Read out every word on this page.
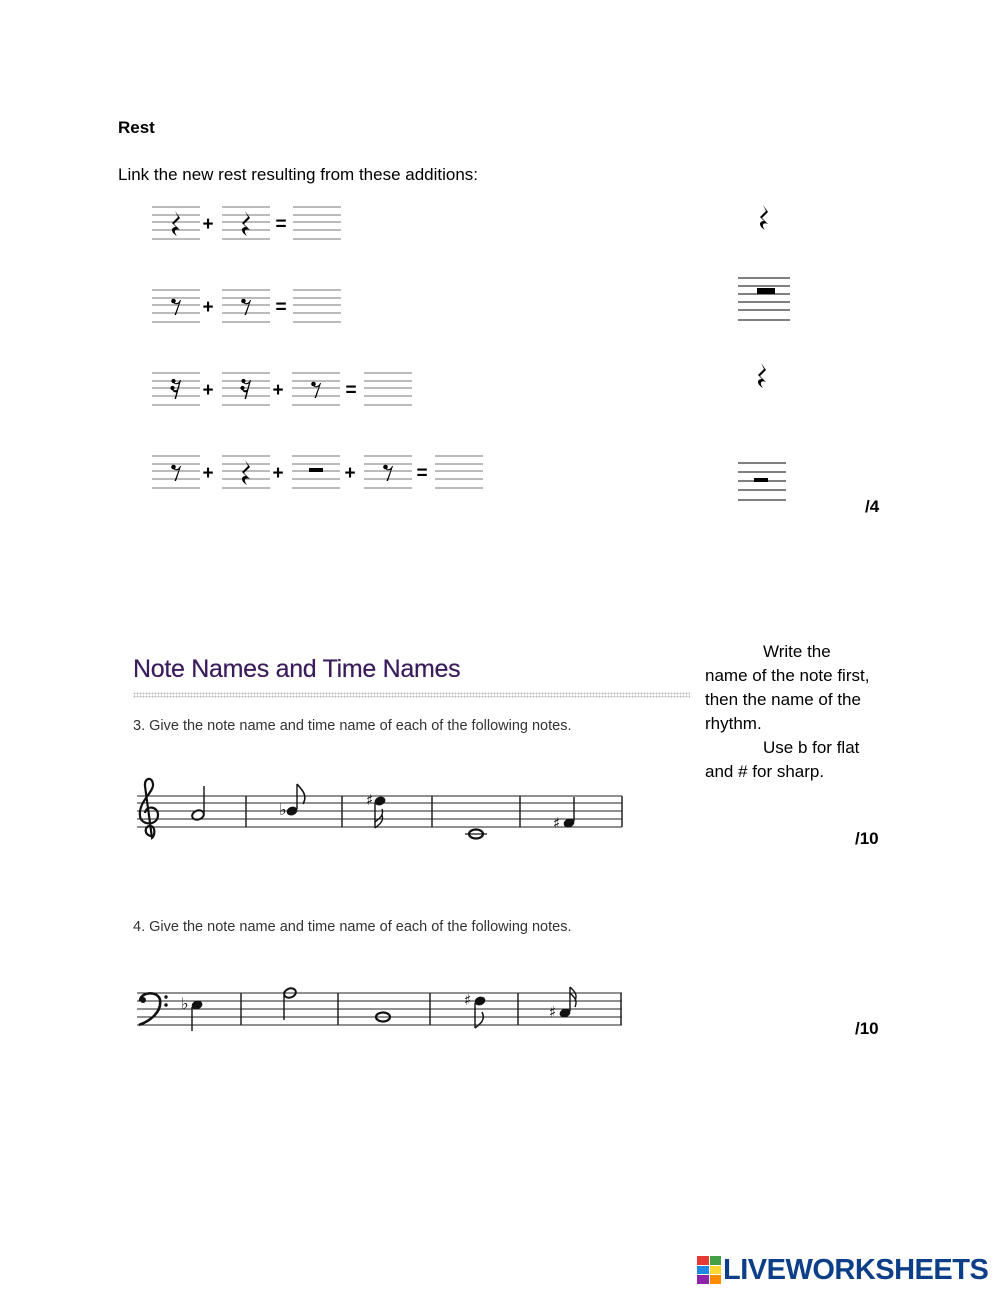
Rest
Link the new rest resulting from these additions:
+	=
+	=
+	+	=
+	+	+	=
♭	♯
♯
♭	♯
♯
/4
Write the
name of the note first,
then the name of the
rhythm.
Use b for flat
and # for sharp.
Note Names and Time Names
3. Give the note name and time name of each of the following notes.
/10
4. Give the note name and time name of each of the following notes.
/10
LIVEWORKSHEETS
